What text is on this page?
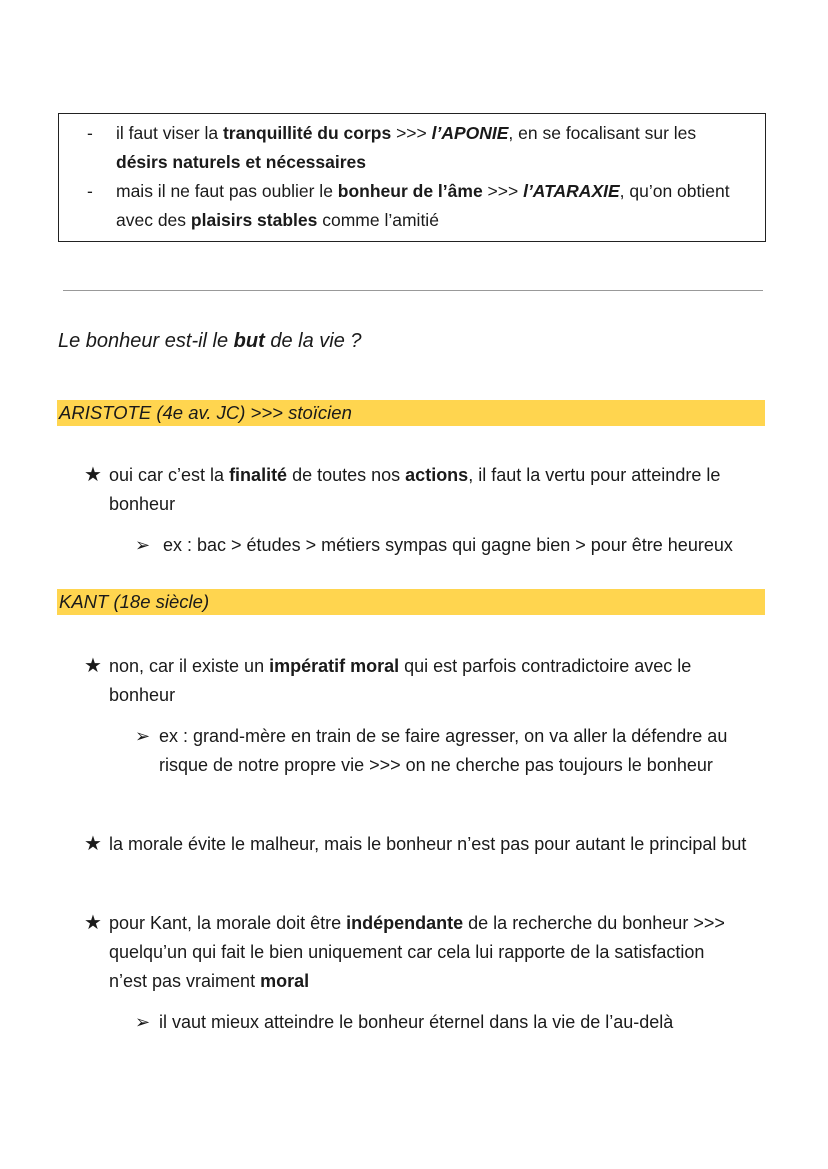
- il faut viser la tranquillité du corps >>> l’APONIE, en se focalisant sur les
désirs naturels et nécessaires
- mais il ne faut pas oublier le bonheur de l’âme >>> l’ATARAXIE, qu’on obtient
avec des plaisirs stables comme l’amitié
Le bonheur est-il le but de la vie ?
ARISTOTE (4e av. JC) >>> stoïcien
★ oui car c’est la finalité de toutes nos actions, il faut la vertu pour atteindre le
bonheur
➢ ex : bac > études > métiers sympas qui gagne bien > pour être heureux
KANT (18e siècle)
★ non, car il existe un impératif moral qui est parfois contradictoire avec le
bonheur
➢ ex : grand-mère en train de se faire agresser, on va aller la défendre au
risque de notre propre vie >>> on ne cherche pas toujours le bonheur
★ la morale évite le malheur, mais le bonheur n’est pas pour autant le principal but
★ pour Kant, la morale doit être indépendante de la recherche du bonheur >>>
quelqu’un qui fait le bien uniquement car cela lui rapporte de la satisfaction
n’est pas vraiment moral
➢ il vaut mieux atteindre le bonheur éternel dans la vie de l’au-delà
